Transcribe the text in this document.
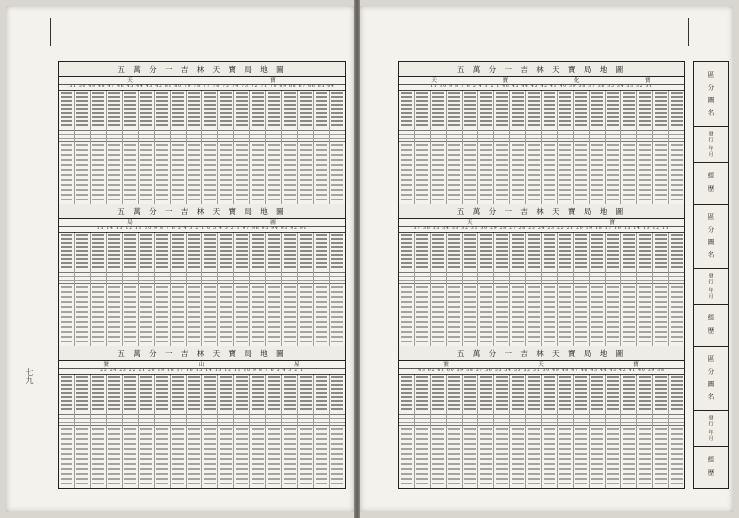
七九
五 萬 分 一 吉 林 天 寶 局 地 圖
天	寶
51 50 49 48 47 46 45 44 43 42 81 80 79 78 77 76 75 74 73 72 71 70 69 68 67 66 65 64
五 萬 分 一 吉 林 天 寶 局 地 圖
局	圖
15 14 13 12 11 10 9 8 7 6 5 4 3 2 1 6 5 4 3 2 1 97 96 95 94 93 92 91
五 萬 分 一 吉 林 天 寶 局 地 圖
號	山	屋
25 24 23 22 21 20 19 18 17 16 15 14 13 12 11 10 9 8 7 6 5 4 3 2 1
五 萬 分 一 吉 林 天 寶 局 地 圖
天	寶	化	寶
11 10 9 8 7 6 5 4 3 2 1 46 45 44 43 42 41 40 39 38 37 36 35 34 33 32 31
五 萬 分 一 吉 林 天 寶 局 地 圖
天	寶
37 36 35 34 33 32 31 30 29 28 27 26 25 24 23 22 21 20 19 18 17 16 15 14 13 12 11
五 萬 分 一 吉 林 天 寶 局 地 圖
號	天	寶
63 62 61 60 59 58 57 56 55 54 53 52 51 50 49 48 47 46 45 44 43 42 41 40 39 38
區 分 圖 名
發行 年月
經 歷
區 分 圖 名
發行 年月
經 歷
區 分 圖 名
發行 年月
經 歷
